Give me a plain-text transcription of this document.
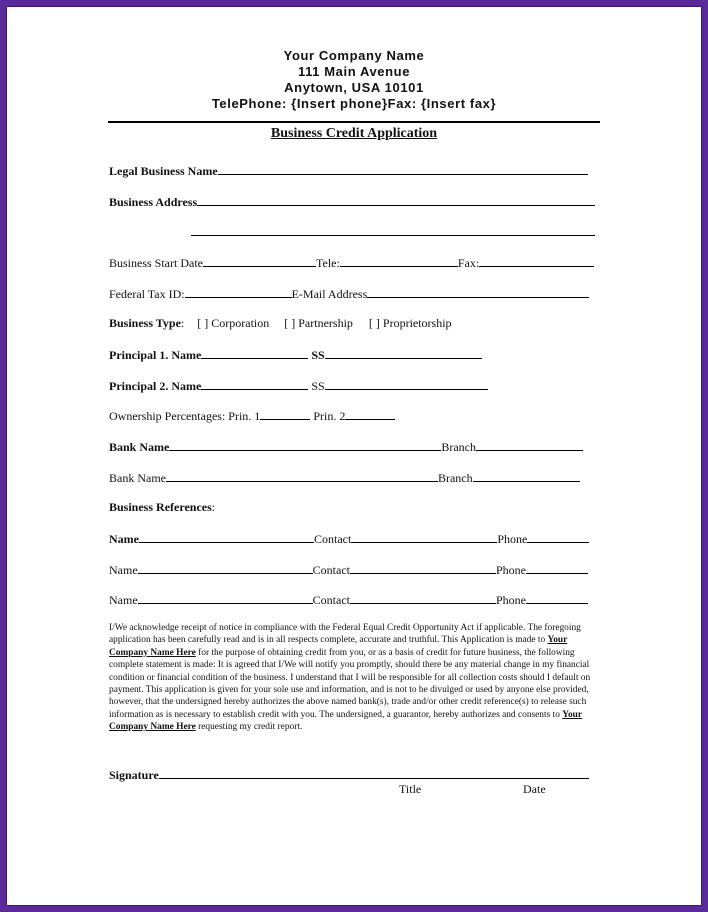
Your Company Name
111 Main Avenue
Anytown, USA 10101
TelePhone: {Insert phone}Fax: {Insert fax}
Business Credit Application
Legal Business Name
Business Address
Business Start Date	Tele:	Fax:
Federal Tax ID:	E-Mail Address
Business Type: [ ] Corporation [ ] Partnership [ ] Proprietorship
Principal 1. Name	SS
Principal 2. Name	SS
Ownership Percentages: Prin. 1	Prin. 2
Bank Name	Branch
Bank Name	Branch
Business References:
Name	Contact	Phone
Name	Contact	Phone
Name	Contact	Phone
I/We acknowledge receipt of notice in compliance with the Federal Equal Credit Opportunity Act if applicable. The foregoing application has been carefully read and is in all respects complete, accurate and truthful. This Application is made to Your Company Name Here for the purpose of obtaining credit from you, or as a basis of credit for future business, the following complete statement is made: It is agreed that I/We will notify you promptly, should there be any material change in my financial condition or financial condition of the business. I understand that I will be responsible for all collection costs should I default on payment. This application is given for your sole use and information, and is not to be divulged or used by anyone else provided, however, that the undersigned hereby authorizes the above named bank(s), trade and/or other credit reference(s) to release such information as is necessary to establish credit with you. The undersigned, a guarantor, hereby authorizes and consents to Your Company Name Here requesting my credit report.
Signature
Title	Date
